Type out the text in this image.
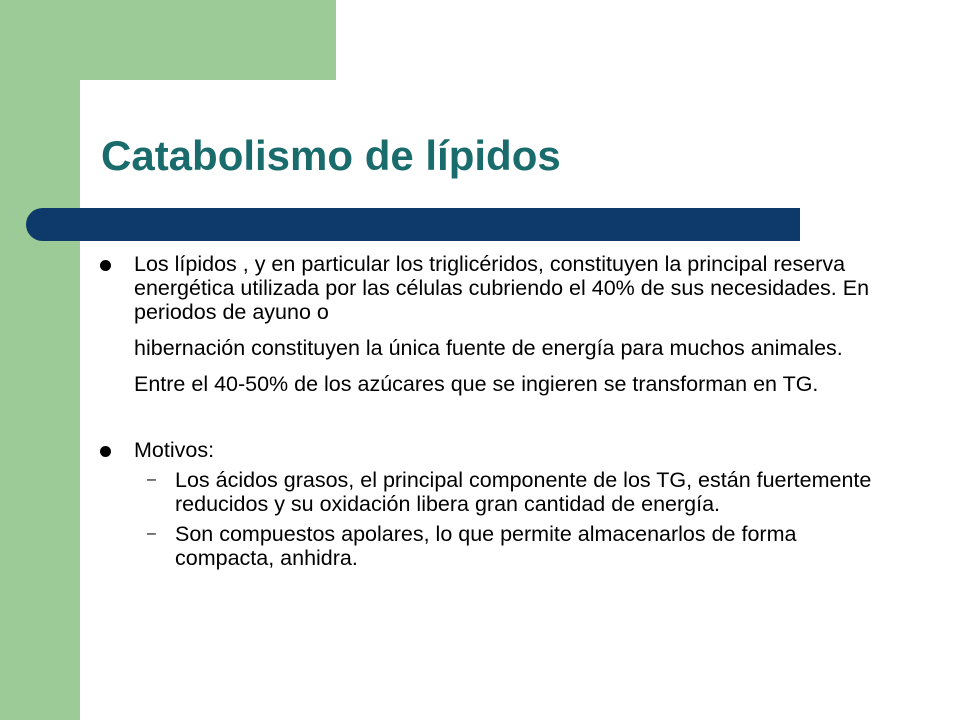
Catabolismo de lípidos

Los lípidos , y en particular los triglicéridos, constituyen la principal reserva energética utilizada por las células cubriendo el 40% de sus necesidades. En periodos de ayuno o

hibernación constituyen la única fuente de energía para muchos animales.

Entre el 40-50% de los azúcares que se ingieren se transforman en TG.

Motivos:

– Los ácidos grasos, el principal componente de los TG, están fuertemente reducidos y su oxidación libera gran cantidad de energía.
– Son compuestos apolares, lo que permite almacenarlos de forma compacta, anhidra.
